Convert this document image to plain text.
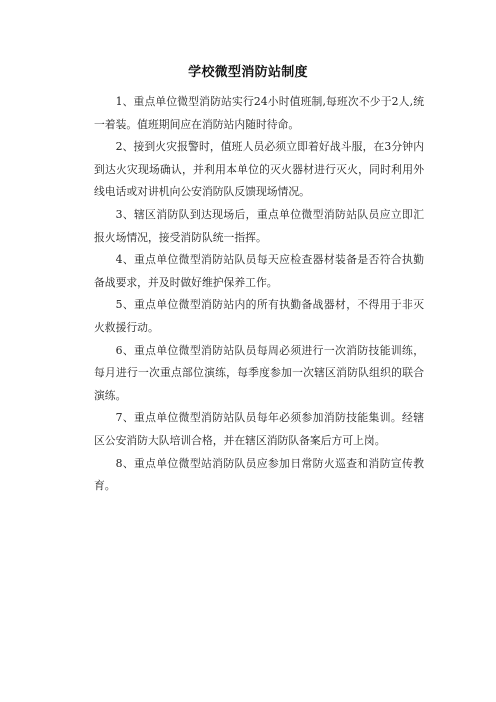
学校微型消防站制度

1、重点单位微型消防站实行24小时值班制,每班次不少于2人,统一着装。值班期间应在消防站内随时待命。

2、接到火灾报警时，值班人员必须立即着好战斗服，在3分钟内到达火灾现场确认，并利用本单位的灭火器材进行灭火，同时利用外线电话或对讲机向公安消防队反馈现场情况。

3、辖区消防队到达现场后，重点单位微型消防站队员应立即汇报火场情况，接受消防队统一指挥。

4、重点单位微型消防站队员每天应检查器材装备是否符合执勤备战要求，并及时做好维护保养工作。

5、重点单位微型消防站内的所有执勤备战器材，不得用于非灭火救援行动。

6、重点单位微型消防站队员每周必须进行一次消防技能训练，每月进行一次重点部位演练，每季度参加一次辖区消防队组织的联合演练。

7、重点单位微型消防站队员每年必须参加消防技能集训。经辖区公安消防大队培训合格，并在辖区消防队备案后方可上岗。

8、重点单位微型站消防队员应参加日常防火巡查和消防宣传教育。
